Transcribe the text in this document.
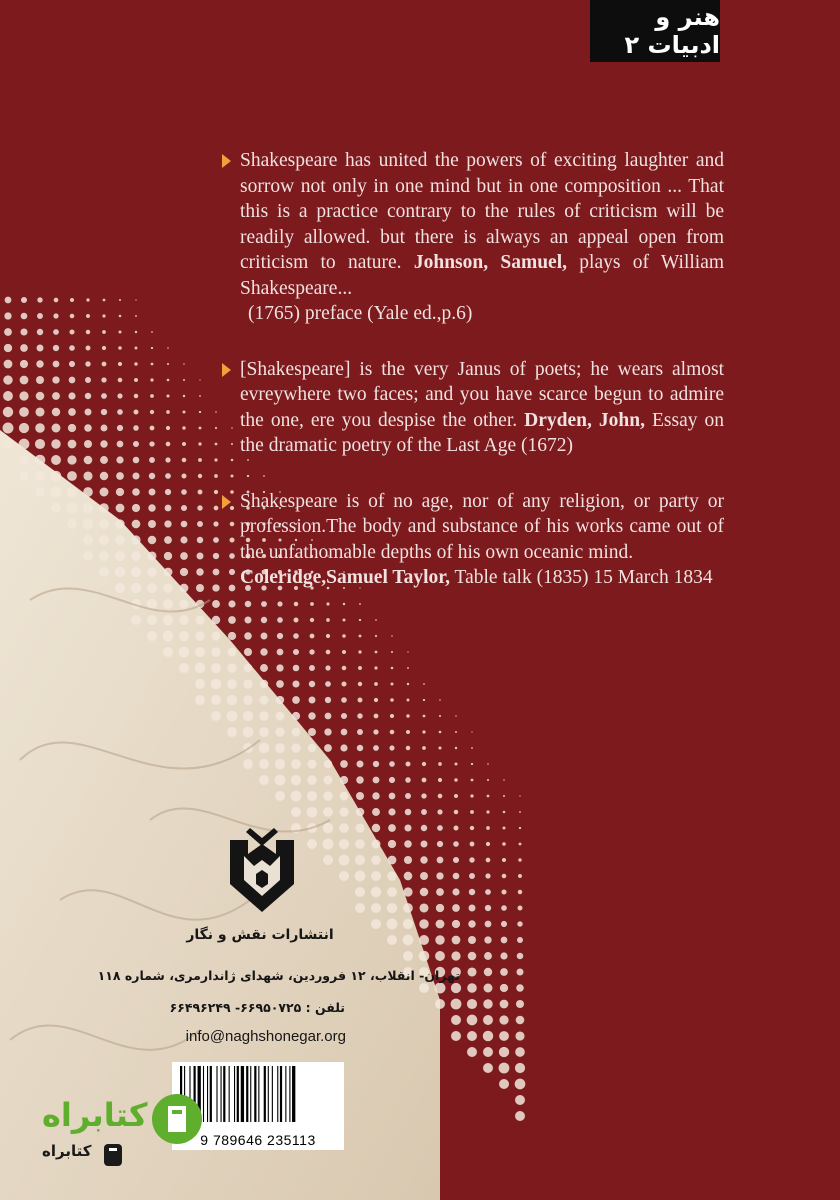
هنر و ادبیات ۲
Shakespeare has united the powers of exciting laughter and sorrow not only in one mind but in one composition ... That this is a practice contrary to the rules of criticism will be readily allowed. but there is always an appeal open from criticism to nature. Johnson, Samuel, plays of William Shakespeare...
(1765) preface (Yale ed.,p.6)
[Shakespeare] is the very Janus of poets; he wears almost evreywhere two faces; and you have scarce begun to admire the one, ere you despise the other. Dryden, John, Essay on the dramatic poetry of the Last Age (1672)
Shakespeare is of no age, nor of any religion, or party or profession.The body and substance of his works came out of the unfathomable depths of his own oceanic mind.
Coleridge,Samuel Taylor, Table talk (1835) 15 March 1834
انتشارات نقش و نگار
تهران- انقلاب، ۱۲ فروردین، شهدای ژاندارمری، شماره ۱۱۸
تلفن : ۶۶۹۵۰۷۲۵- ۶۶۴۹۶۲۴۹
info@naghshonegar.org
9 789646 235113
کتابراه
کتابراه
